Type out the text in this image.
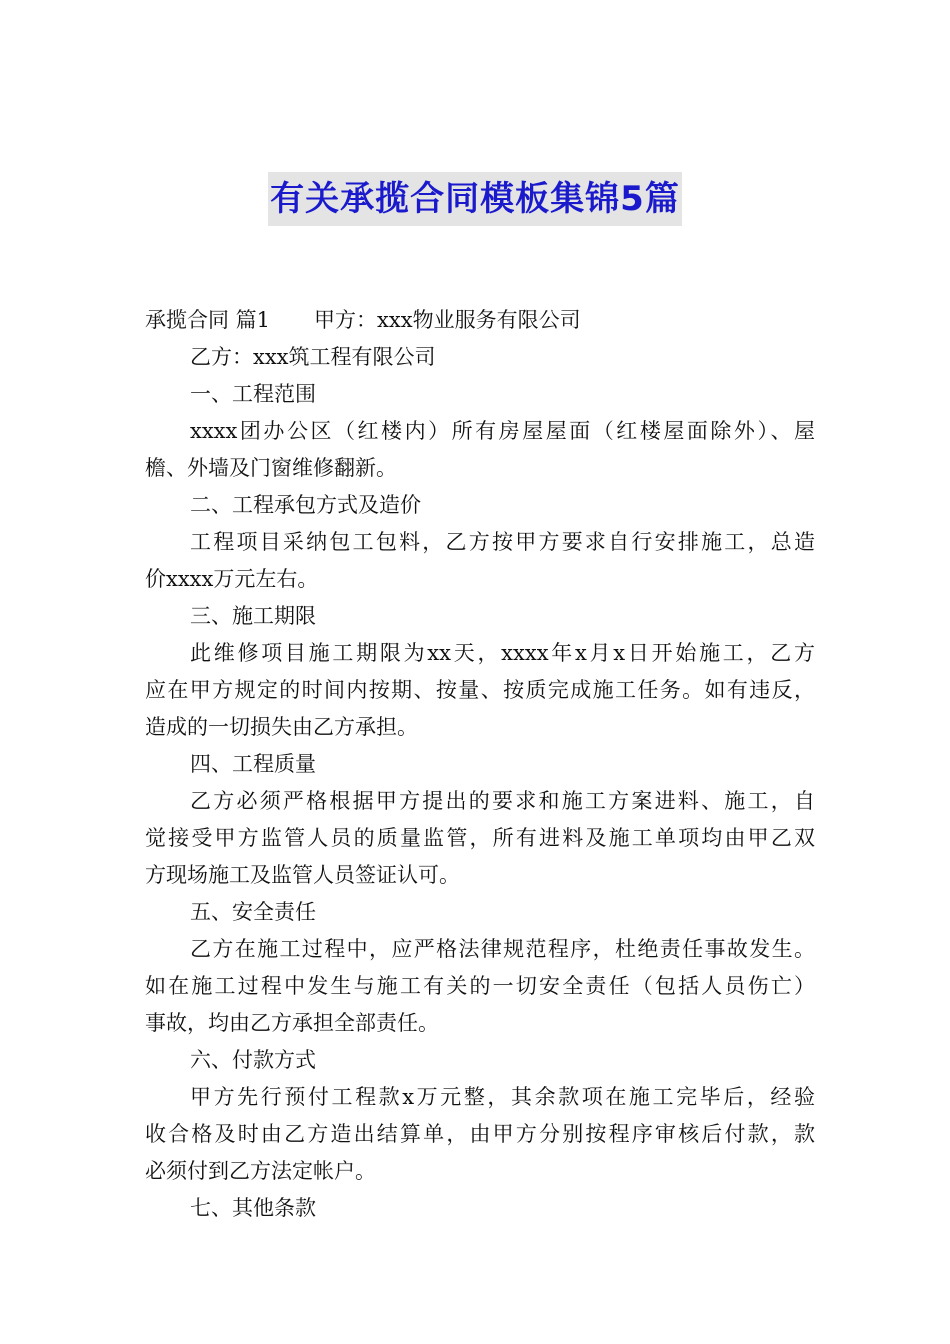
有关承揽合同模板集锦5篇
承揽合同 篇1 甲方：xxx物业服务有限公司
乙方：xxx筑工程有限公司
一、工程范围
xxxx团办公区（红楼内）所有房屋屋面（红楼屋面除外）、屋
檐、外墙及门窗维修翻新。
二、工程承包方式及造价
工程项目采纳包工包料，乙方按甲方要求自行安排施工，总造
价xxxx万元左右。
三、施工期限
此维修项目施工期限为xx天，xxxx年x月x日开始施工，乙方
应在甲方规定的时间内按期、按量、按质完成施工任务。如有违反，
造成的一切损失由乙方承担。
四、工程质量
乙方必须严格根据甲方提出的要求和施工方案进料、施工，自
觉接受甲方监管人员的质量监管，所有进料及施工单项均由甲乙双
方现场施工及监管人员签证认可。
五、安全责任
乙方在施工过程中，应严格法律规范程序，杜绝责任事故发生。
如在施工过程中发生与施工有关的一切安全责任（包括人员伤亡）
事故，均由乙方承担全部责任。
六、付款方式
甲方先行预付工程款x万元整，其余款项在施工完毕后，经验
收合格及时由乙方造出结算单，由甲方分别按程序审核后付款，款
必须付到乙方法定帐户。
七、其他条款
